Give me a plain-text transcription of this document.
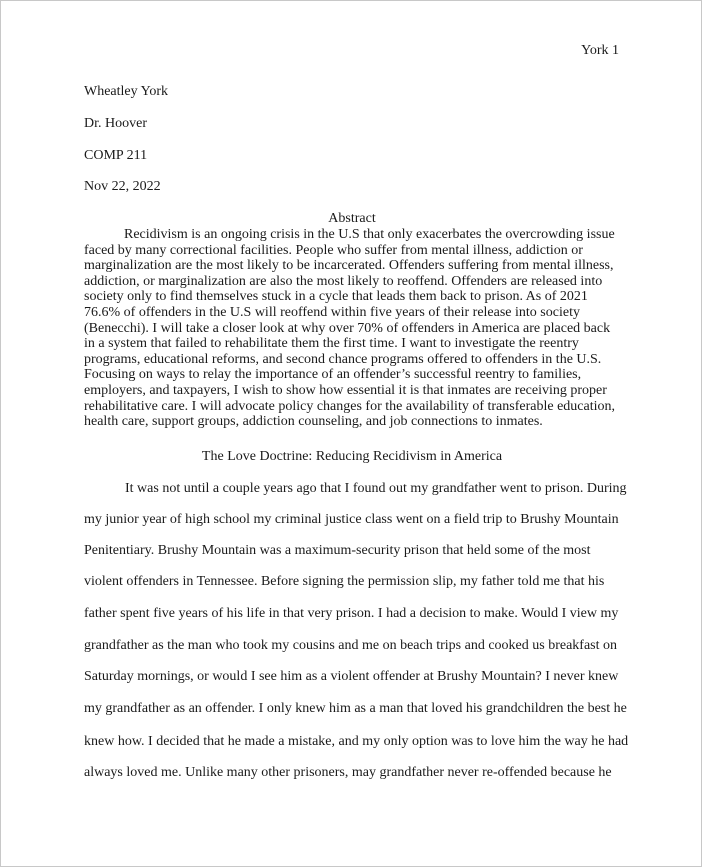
York 1
Wheatley York
Dr. Hoover
COMP 211
Nov 22, 2022
Abstract

Recidivism is an ongoing crisis in the U.S that only exacerbates the overcrowding issue faced by many correctional facilities. People who suffer from mental illness, addiction or marginalization are the most likely to be incarcerated. Offenders suffering from mental illness, addiction, or marginalization are also the most likely to reoffend. Offenders are released into society only to find themselves stuck in a cycle that leads them back to prison. As of 2021 76.6% of offenders in the U.S will reoffend within five years of their release into society (Benecchi). I will take a closer look at why over 70% of offenders in America are placed back in a system that failed to rehabilitate them the first time. I want to investigate the reentry programs, educational reforms, and second chance programs offered to offenders in the U.S. Focusing on ways to relay the importance of an offender’s successful reentry to families, employers, and taxpayers, I wish to show how essential it is that inmates are receiving proper rehabilitative care. I will advocate policy changes for the availability of transferable education, health care, support groups, addiction counseling, and job connections to inmates.

The Love Doctrine: Reducing Recidivism in America
It was not until a couple years ago that I found out my grandfather went to prison. During
my junior year of high school my criminal justice class went on a field trip to Brushy Mountain
Penitentiary. Brushy Mountain was a maximum-security prison that held some of the most
violent offenders in Tennessee. Before signing the permission slip, my father told me that his
father spent five years of his life in that very prison. I had a decision to make. Would I view my
grandfather as the man who took my cousins and me on beach trips and cooked us breakfast on
Saturday mornings, or would I see him as a violent offender at Brushy Mountain? I never knew
my grandfather as an offender. I only knew him as a man that loved his grandchildren the best he
knew how. I decided that he made a mistake, and my only option was to love him the way he had
always loved me. Unlike many other prisoners, may grandfather never re-offended because he
